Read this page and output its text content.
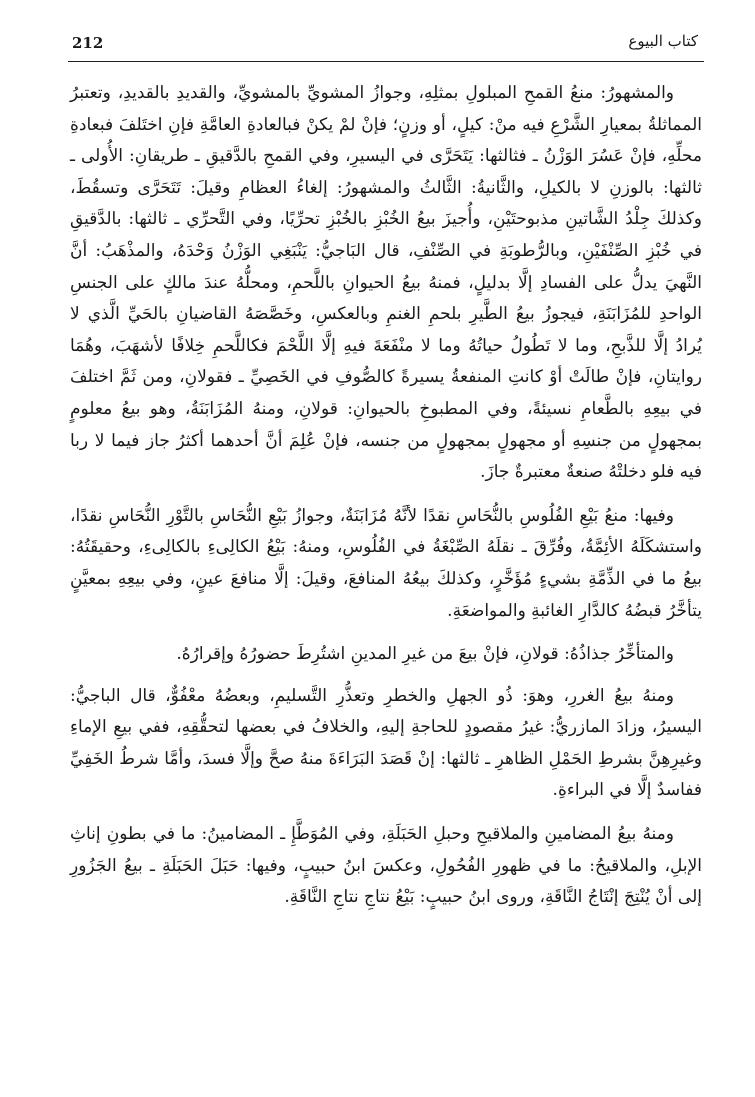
212	كتاب البيوع

والمشهورُ: منعُ القمحِ المبلولِ بمثلِهِ، وجوازُ المشويِّ بالمشويِّ، والقديدِ بالقديدِ، وتعتبرُ المماثلةُ بمعيارِ الشَّرْعِ فيه منْ: كيلٍ، أو وزنٍ؛ فإنْ لمْ يكنْ فبالعادةِ العامَّةِ فإنِ اختَلفَ فبعادةِ محلِّهِ، فإنْ عَسُرَ الوَزْنُ ـ فثالثها: يَتَحَرَّى في اليسيرِ، وفي القمحِ بالدَّقيقِ ـ طريقانِ: الأُولى ـ ثالثها: بالوزنِ لا بالكيلِ، والثَّانيةُ: الثَّالثُ والمشهورُ: إلغاءُ العظامِ وقيلَ: تَتَحَرَّى وتسقُطَ، وكذلكَ جِلْدُ الشَّاتينِ مذبوحتَيْنِ، وأُجيزَ بيعُ الخُبْزِ بالخُبْزِ تحرِّيًا، وفي التَّحرِّي ـ ثالثها: بالدَّقيقِ في خُبْزِ الصِّنْفَيْنِ، وبالرُّطوبَةِ في الصِّنْفِ، قال البَاجيُّ: يَنْبَغِي الوَزْنُ وَحْدَهُ، والمذْهَبُ: أنَّ النَّهيَ يدلُّ على الفسادِ إلَّا بدليلٍ، فمنهُ بيعُ الحيوانِ باللَّحمِ، ومحلُّهُ عندَ مالكٍ على الجنسِ الواحدِ للمُزَابَنَةِ، فيجوزُ بيعُ الطَّيرِ بلحمِ الغنمِ وبالعكسِ، وخَصَّصَهُ القاضيانِ بالحَيِّ الَّذي لا يُرادُ إلَّا للذَّبحِ، وما لا تَطُولُ حياتُهُ وما لا منْفَعَةَ فيهِ إلَّا اللَّحْمَ فكاللَّحمِ خِلافًا لأشهَبَ، وهُمَا روايتانِ، فإنْ طالَتْ أوْ كانتِ المنفعةُ يسيرةً كالصُّوفِ في الخَصِيِّ ـ فقولانِ، ومن ثَمَّ اختلفَ في بيعِهِ بالطَّعامِ نسيئةً، وفي المطبوخِ بالحيوانِ: قولانِ، ومنهُ المُزَابَنَةُ، وهو بيعُ معلومٍ بمجهولٍ من جنسِهِ أو مجهولٍ بمجهولٍ من جنسه، فإنْ عُلِمَ أنَّ أحدهما أكثرُ جاز فيما لا ربا فيه فلو دخلتْهُ صنعةٌ معتبرةٌ جازَ.

وفيها: منعُ بَيْعِ الفُلُوسِ بالنُّحَاسِ نقدًا لأنَّهُ مُزَابَنَةٌ، وجوازُ بَيْعِ النُّحَاسِ بالتَّوْرِ النُّحَاسِ نقدًا، واستشكَلَهُ الأئِمَّةُ، وفُرِّقَ ـ نقلَهُ الصِّبْغَةُ في الفُلُوسِ، ومنهُ: بَيْعُ الكالِىءِ بالكالِىءِ، وحقيقَتُهُ: بيعُ ما في الذِّمَّةِ بشيءٍ مُؤَخَّرٍ، وكذلكَ بيعُهُ المنافعَ، وقيلَ: إلَّا منافعَ عينٍ، وفي بيعِهِ بمعيَّنٍ يتأخَّرُ قبضُهُ كالدَّارِ الغائبةِ والمواضعَةِ.

والمتأخِّرُ جذاذُهُ: قولانِ، فإنْ بيعَ من غيرِ المدينِ اشتُرِطَ حضورُهُ وإقرارُهُ.

ومنهُ بيعُ الغررِ، وهوَ: ذُو الجهلِ والخطرِ وتعذُّرِ التَّسليمِ، وبعضُهُ معْفُوٌّ، قال الباجيُّ: اليسيرُ، وزادَ المازريُّ: غيرُ مقصودٍ للحاجةِ إليهِ، والخلافُ في بعضها لتحقُّقِهِ، ففي بيعِ الإماءِ وغيرِهِنَّ بشرطِ الحَمْلِ الظاهرِ ـ ثالثها: إنْ قَصَدَ البَرَاءَةَ منهُ صحَّ وإلَّا فسدَ، وأمَّا شرطُ الخَفِيِّ ففاسدٌ إلَّا في البراءةِ.

ومنهُ بيعُ المضامينِ والملاقيحِ وحبلِ الحَبَلَةِ، وفي المُوَطَّإِ ـ المضامينُ: ما في بطونِ إناثِ الإبلِ، والملاقيحُ: ما في ظهورِ الفُحُولِ، وعكسَ ابنُ حبيبٍ، وفيها: حَبَلَ الحَبَلَةِ ـ بيعُ الجَزُورِ إلى أنْ يُنْتِجَ إنْتَاجُ النَّاقَةِ، وروى ابنُ حبيبٍ: بَيْعُ نتاجِ نتاجِ النَّاقَةِ.
